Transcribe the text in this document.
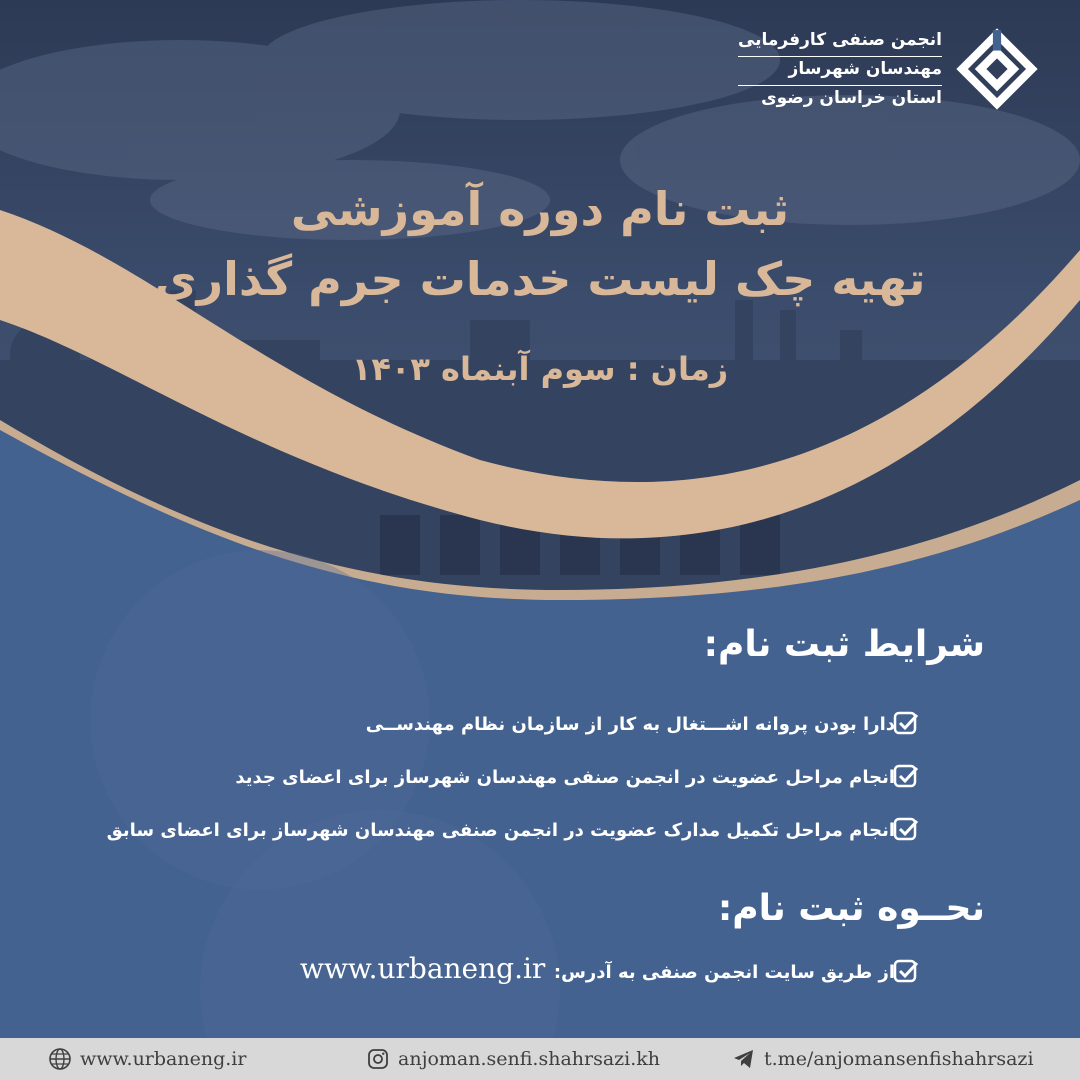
انجمن صنفی کارفرمایی
مهندسان شهرساز
استان خراسان رضوی
ثبت نام دوره آموزشی
تهیه چک لیست خدمات جرم گذاری
زمان : سوم آبنماه ۱۴۰۳
شرایط ثبت نام:
دارا بودن پروانه اشـــتغال به کار از سازمان نظام مهندســی
انجام مراحل عضویت در انجمن صنفی مهندسان شهرساز برای اعضای جدید
انجام مراحل تکمیل مدارک عضویت در انجمن صنفی مهندسان شهرساز برای اعضای سابق
نحــوه ثبت نام:
از طریق سایت انجمن صنفی به آدرس:
www.urbaneng.ir
www.urbaneng.ir	anjoman.senfi.shahrsazi.kh	t.me/anjomansenfishahrsazi
